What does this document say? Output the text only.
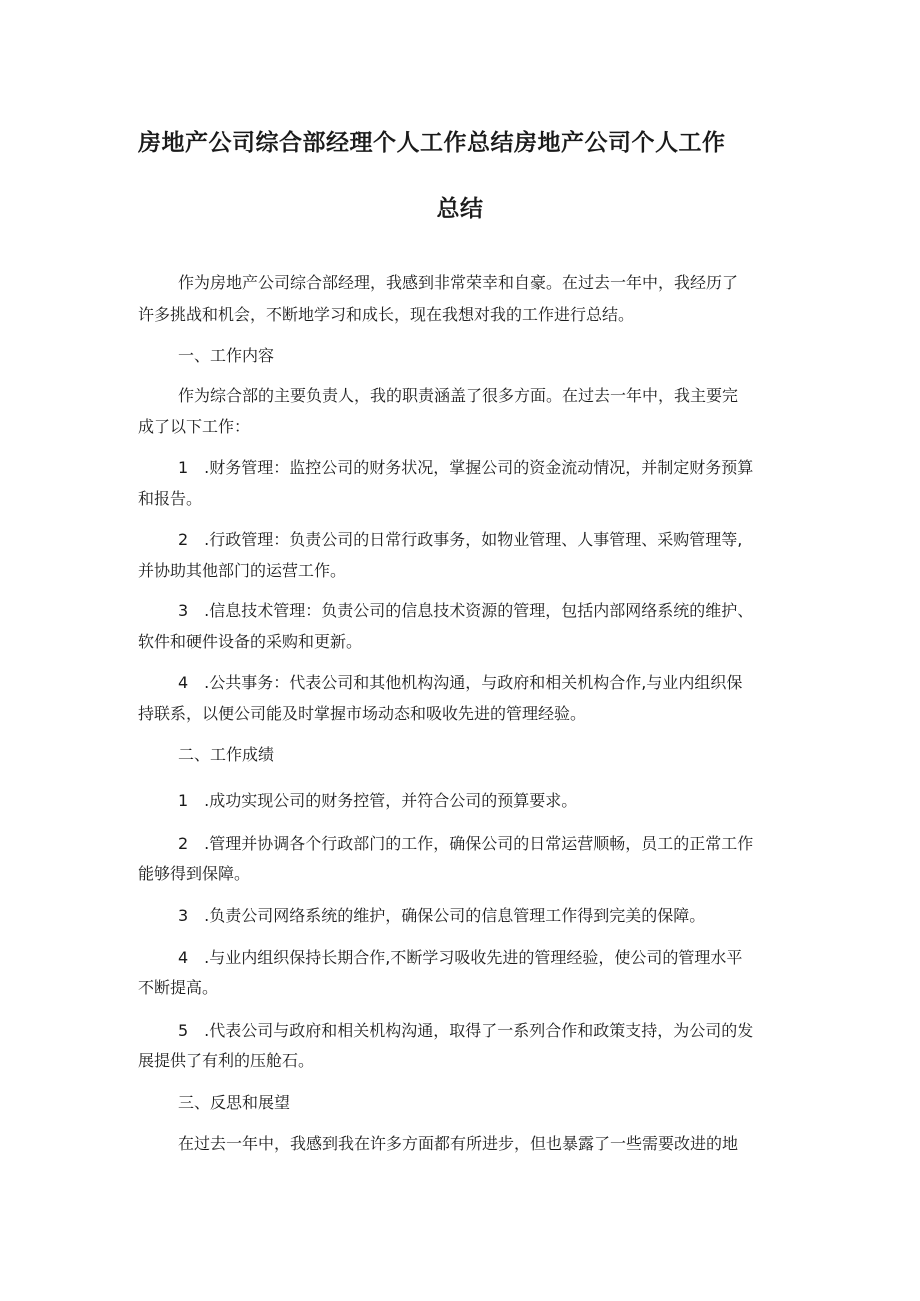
房地产公司综合部经理个人工作总结房地产公司个人工作
总结

作为房地产公司综合部经理，我感到非常荣幸和自豪。在过去一年中，我经历了

许多挑战和机会，不断地学习和成长，现在我想对我的工作进行总结。

一、工作内容

作为综合部的主要负责人，我的职责涵盖了很多方面。在过去一年中，我主要完

成了以下工作：

1　.财务管理：监控公司的财务状况，掌握公司的资金流动情况，并制定财务预算

和报告。

2　.行政管理：负责公司的日常行政事务，如物业管理、人事管理、采购管理等,

并协助其他部门的运营工作。

3　.信息技术管理：负责公司的信息技术资源的管理，包括内部网络系统的维护、

软件和硬件设备的采购和更新。

4　.公共事务：代表公司和其他机构沟通，与政府和相关机构合作,与业内组织保

持联系，以便公司能及时掌握市场动态和吸收先进的管理经验。

二、工作成绩

1　.成功实现公司的财务控管，并符合公司的预算要求。

2　.管理并协调各个行政部门的工作，确保公司的日常运营顺畅，员工的正常工作

能够得到保障。

3　.负责公司网络系统的维护，确保公司的信息管理工作得到完美的保障。

4　.与业内组织保持长期合作,不断学习吸收先进的管理经验，使公司的管理水平

不断提高。

5　.代表公司与政府和相关机构沟通，取得了一系列合作和政策支持，为公司的发

展提供了有利的压舱石。

三、反思和展望

在过去一年中，我感到我在许多方面都有所进步，但也暴露了一些需要改进的地
